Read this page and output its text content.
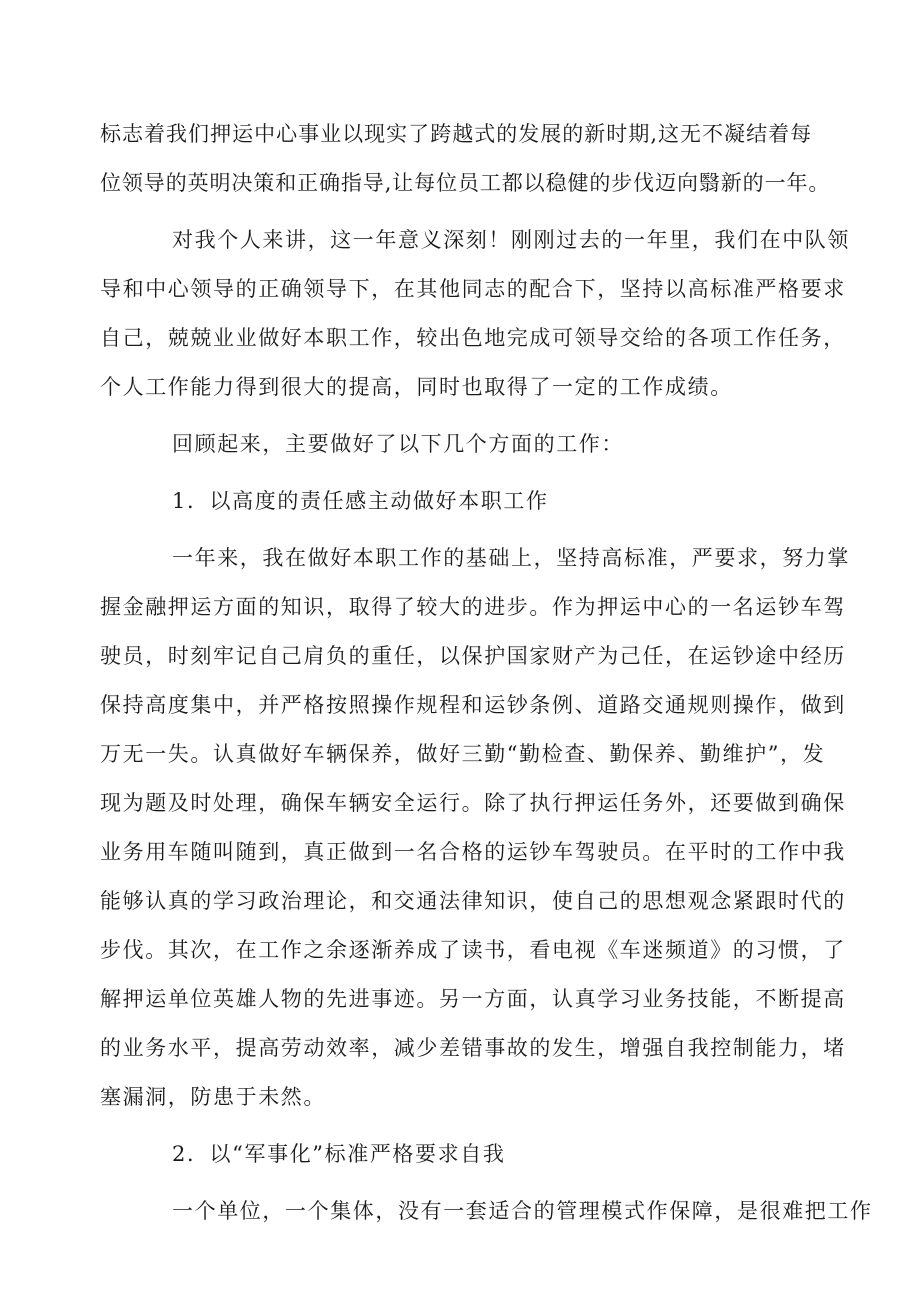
标志着我们押运中心事业以现实了跨越式的发展的新时期,这无不凝结着每
位领导的英明决策和正确指导,让每位员工都以稳健的步伐迈向翳新的一年。
对我个人来讲，这一年意义深刻！刚刚过去的一年里，我们在中队领
导和中心领导的正确领导下，在其他同志的配合下，坚持以高标准严格要求
自己，兢兢业业做好本职工作，较出色地完成可领导交给的各项工作任务，
个人工作能力得到很大的提高，同时也取得了一定的工作成绩。
回顾起来，主要做好了以下几个方面的工作：
1．以高度的责任感主动做好本职工作
一年来，我在做好本职工作的基础上，坚持高标准，严要求，努力掌
握金融押运方面的知识，取得了较大的进步。作为押运中心的一名运钞车驾
驶员，时刻牢记自己肩负的重任，以保护国家财产为己任，在运钞途中经历
保持高度集中，并严格按照操作规程和运钞条例、道路交通规则操作，做到
万无一失。认真做好车辆保养，做好三勤“勤检查、勤保养、勤维护”，发
现为题及时处理，确保车辆安全运行。除了执行押运任务外，还要做到确保
业务用车随叫随到，真正做到一名合格的运钞车驾驶员。在平时的工作中我
能够认真的学习政治理论，和交通法律知识，使自己的思想观念紧跟时代的
步伐。其次，在工作之余逐渐养成了读书，看电视《车迷频道》的习惯，了
解押运单位英雄人物的先进事迹。另一方面，认真学习业务技能，不断提高
的业务水平，提高劳动效率，减少差错事故的发生，增强自我控制能力，堵
塞漏洞，防患于未然。
2．以“军事化”标准严格要求自我
一个单位，一个集体，没有一套适合的管理模式作保障，是很难把工作
